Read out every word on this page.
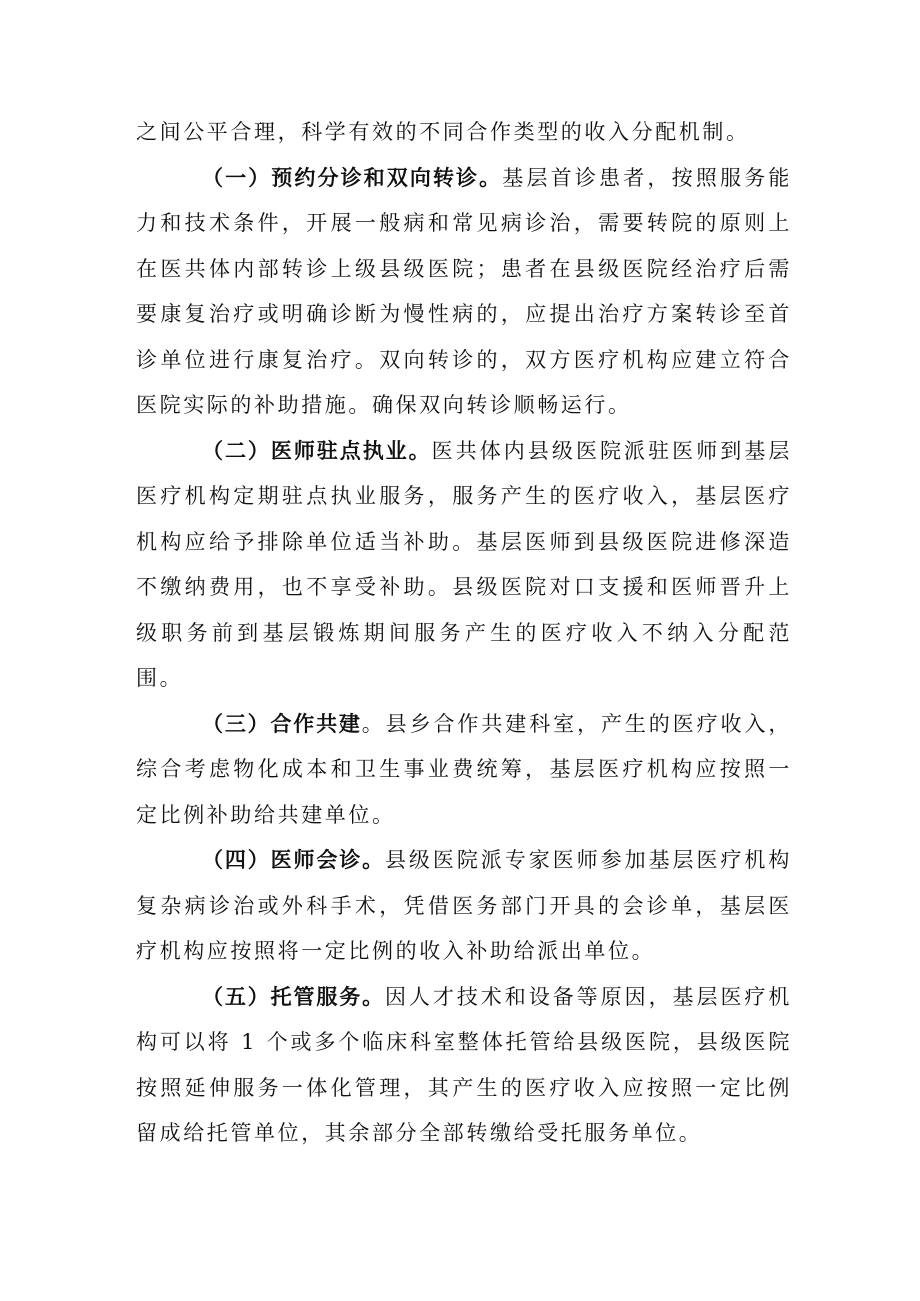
之间公平合理，科学有效的不同合作类型的收入分配机制。

（一）预约分诊和双向转诊。基层首诊患者，按照服务能力和技术条件，开展一般病和常见病诊治，需要转院的原则上在医共体内部转诊上级县级医院；患者在县级医院经治疗后需要康复治疗或明确诊断为慢性病的，应提出治疗方案转诊至首诊单位进行康复治疗。双向转诊的，双方医疗机构应建立符合医院实际的补助措施。确保双向转诊顺畅运行。

（二）医师驻点执业。医共体内县级医院派驻医师到基层医疗机构定期驻点执业服务，服务产生的医疗收入，基层医疗机构应给予排除单位适当补助。基层医师到县级医院进修深造不缴纳费用，也不享受补助。县级医院对口支援和医师晋升上级职务前到基层锻炼期间服务产生的医疗收入不纳入分配范围。

（三）合作共建。县乡合作共建科室，产生的医疗收入，综合考虑物化成本和卫生事业费统筹，基层医疗机构应按照一定比例补助给共建单位。

（四）医师会诊。县级医院派专家医师参加基层医疗机构复杂病诊治或外科手术，凭借医务部门开具的会诊单，基层医疗机构应按照将一定比例的收入补助给派出单位。

（五）托管服务。因人才技术和设备等原因，基层医疗机构可以将 1 个或多个临床科室整体托管给县级医院，县级医院按照延伸服务一体化管理，其产生的医疗收入应按照一定比例留成给托管单位，其余部分全部转缴给受托服务单位。
